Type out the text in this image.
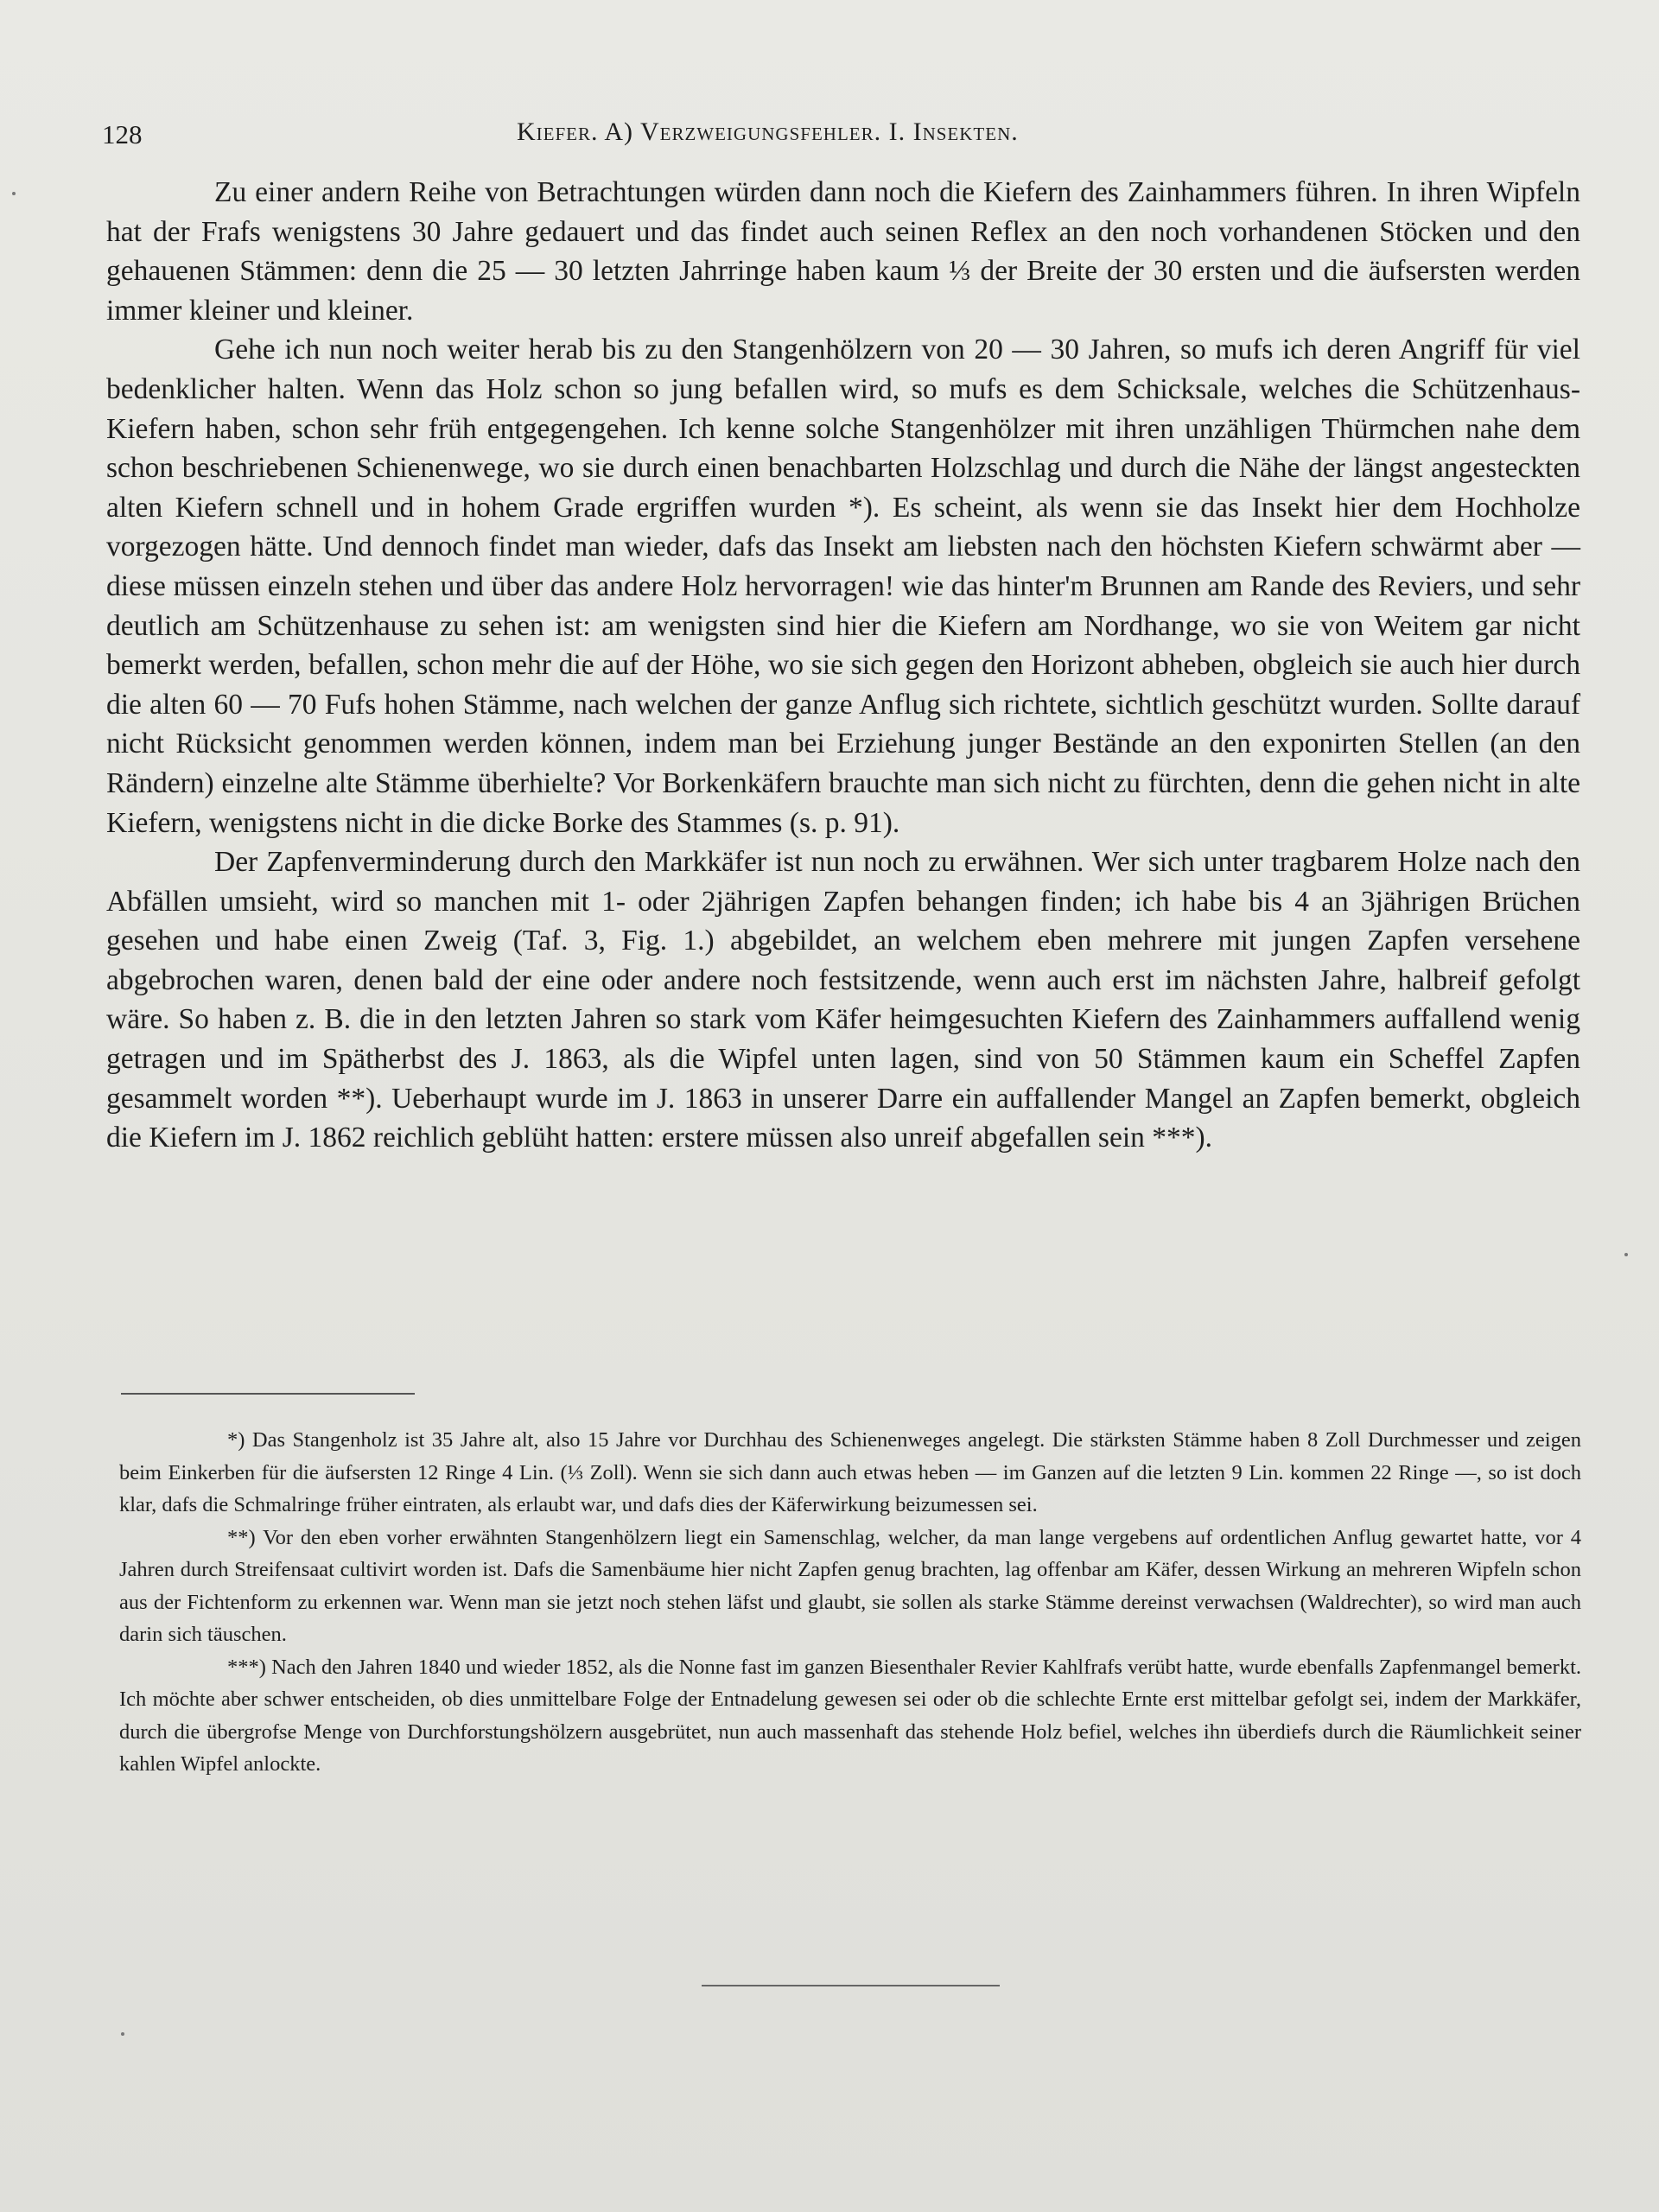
128	Kiefer. A) Verzweigungsfehler. I. Insekten.

Zu einer andern Reihe von Betrachtungen würden dann noch die Kiefern des Zainhammers führen. In ihren Wipfeln hat der Frafs wenigstens 30 Jahre gedauert und das findet auch seinen Reflex an den noch vorhandenen Stöcken und den gehauenen Stämmen: denn die 25 — 30 letzten Jahrringe haben kaum ⅓ der Breite der 30 ersten und die äufsersten werden immer kleiner und kleiner.

Gehe ich nun noch weiter herab bis zu den Stangenhölzern von 20 — 30 Jahren, so mufs ich deren Angriff für viel bedenklicher halten. Wenn das Holz schon so jung befallen wird, so mufs es dem Schicksale, welches die Schützenhaus-Kiefern haben, schon sehr früh entgegengehen. Ich kenne solche Stangenhölzer mit ihren unzähligen Thürmchen nahe dem schon beschriebenen Schienenwege, wo sie durch einen benachbarten Holzschlag und durch die Nähe der längst angesteckten alten Kiefern schnell und in hohem Grade ergriffen wurden *). Es scheint, als wenn sie das Insekt hier dem Hochholze vorgezogen hätte. Und dennoch findet man wieder, dafs das Insekt am liebsten nach den höchsten Kiefern schwärmt aber — diese müssen einzeln stehen und über das andere Holz hervorragen! wie das hinter'm Brunnen am Rande des Reviers, und sehr deutlich am Schützenhause zu sehen ist: am wenigsten sind hier die Kiefern am Nordhange, wo sie von Weitem gar nicht bemerkt werden, befallen, schon mehr die auf der Höhe, wo sie sich gegen den Horizont abheben, obgleich sie auch hier durch die alten 60 — 70 Fufs hohen Stämme, nach welchen der ganze Anflug sich richtete, sichtlich geschützt wurden. Sollte darauf nicht Rücksicht genommen werden können, indem man bei Erziehung junger Bestände an den exponirten Stellen (an den Rändern) einzelne alte Stämme überhielte? Vor Borkenkäfern brauchte man sich nicht zu fürchten, denn die gehen nicht in alte Kiefern, wenigstens nicht in die dicke Borke des Stammes (s. p. 91).

Der Zapfenverminderung durch den Markkäfer ist nun noch zu erwähnen. Wer sich unter tragbarem Holze nach den Abfällen umsieht, wird so manchen mit 1- oder 2jährigen Zapfen behangen finden; ich habe bis 4 an 3jährigen Brüchen gesehen und habe einen Zweig (Taf. 3, Fig. 1.) abgebildet, an welchem eben mehrere mit jungen Zapfen versehene abgebrochen waren, denen bald der eine oder andere noch festsitzende, wenn auch erst im nächsten Jahre, halbreif gefolgt wäre. So haben z. B. die in den letzten Jahren so stark vom Käfer heimgesuchten Kiefern des Zainhammers auffallend wenig getragen und im Spätherbst des J. 1863, als die Wipfel unten lagen, sind von 50 Stämmen kaum ein Scheffel Zapfen gesammelt worden **). Ueberhaupt wurde im J. 1863 in unserer Darre ein auffallender Mangel an Zapfen bemerkt, obgleich die Kiefern im J. 1862 reichlich geblüht hatten: erstere müssen also unreif abgefallen sein ***).

*) Das Stangenholz ist 35 Jahre alt, also 15 Jahre vor Durchhau des Schienenweges angelegt. Die stärksten Stämme haben 8 Zoll Durchmesser und zeigen beim Einkerben für die äufsersten 12 Ringe 4 Lin. (⅓ Zoll). Wenn sie sich dann auch etwas heben — im Ganzen auf die letzten 9 Lin. kommen 22 Ringe —, so ist doch klar, dafs die Schmalringe früher eintraten, als erlaubt war, und dafs dies der Käferwirkung beizumessen sei.

**) Vor den eben vorher erwähnten Stangenhölzern liegt ein Samenschlag, welcher, da man lange vergebens auf ordentlichen Anflug gewartet hatte, vor 4 Jahren durch Streifensaat cultivirt worden ist. Dafs die Samenbäume hier nicht Zapfen genug brachten, lag offenbar am Käfer, dessen Wirkung an mehreren Wipfeln schon aus der Fichtenform zu erkennen war. Wenn man sie jetzt noch stehen läfst und glaubt, sie sollen als starke Stämme dereinst verwachsen (Waldrechter), so wird man auch darin sich täuschen.

***) Nach den Jahren 1840 und wieder 1852, als die Nonne fast im ganzen Biesenthaler Revier Kahlfrafs verübt hatte, wurde ebenfalls Zapfenmangel bemerkt. Ich möchte aber schwer entscheiden, ob dies unmittelbare Folge der Entnadelung gewesen sei oder ob die schlechte Ernte erst mittelbar gefolgt sei, indem der Markkäfer, durch die übergrofse Menge von Durchforstungshölzern ausgebrütet, nun auch massenhaft das stehende Holz befiel, welches ihn überdiefs durch die Räumlichkeit seiner kahlen Wipfel anlockte.
